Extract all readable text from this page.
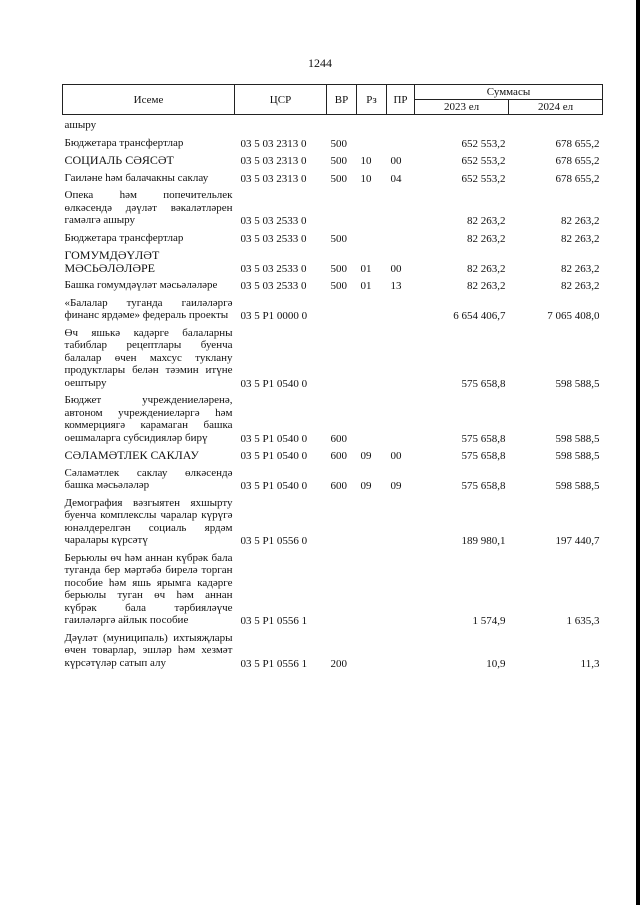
1244
Исеме	ЦСР	ВР	Рз	ПР	Суммасы	
					2023 ел	2024 ел
ашыру						
Бюджетара трансфертлар	03 5 03 2313 0	500			652 553,2	678 655,2
СОЦИАЛЬ СӘЯСӘТ	03 5 03 2313 0	500	10	00	652 553,2	678 655,2
Гаиләне һәм балачакны саклау	03 5 03 2313 0	500	10	04	652 553,2	678 655,2
Опека һәм попечительлек өлкәсендә дәүләт вәкаләтләрен гамәлгә ашыру	03 5 03 2533 0				82 263,2	82 263,2
Бюджетара трансфертлар	03 5 03 2533 0	500			82 263,2	82 263,2
ГОМУМДӘҮЛӘТ МӘСЬӘЛӘЛӘРЕ	03 5 03 2533 0	500	01	00	82 263,2	82 263,2
Башка гомумдәүләт мәсьәләләре	03 5 03 2533 0	500	01	13	82 263,2	82 263,2
«Балалар туганда гаиләләргә финанс ярдәме» федераль проекты	03 5 P1 0000 0				6 654 406,7	7 065 408,0
Өч яшькә кадәрге балаларны табиблар рецептлары буенча балалар өчен махсус туклану продуктлары белән тәэмин итүне оештыру	03 5 P1 0540 0				575 658,8	598 588,5
Бюджет учреждениеләренә, автоном учреждениеләргә һәм коммерциягә карамаган башка оешмаларга субсидияләр бирү	03 5 P1 0540 0	600			575 658,8	598 588,5
СӘЛАМӘТЛЕК САКЛАУ	03 5 P1 0540 0	600	09	00	575 658,8	598 588,5
Сәламәтлек саклау өлкәсендә башка мәсьәләләр	03 5 P1 0540 0	600	09	09	575 658,8	598 588,5
Демография вәзгыятен яхшырту буенча комплекслы чаралар күрүгә юнәлдерелгән социаль ярдәм чаралары күрсәтү	03 5 P1 0556 0				189 980,1	197 440,7
Берьюлы өч һәм аннан күбрәк бала туганда бер мәртәбә бирелә торган пособие һәм яшь ярымга кадәрге берьюлы туган өч һәм аннан күбрәк бала тәрбияләүче гаиләләргә айлык пособие	03 5 P1 0556 1				1 574,9	1 635,3
Дәүләт (муниципаль) ихтыяҗлары өчен товарлар, эшләр һәм хезмәт күрсәтүләр сатып алу	03 5 P1 0556 1	200			10,9	11,3
